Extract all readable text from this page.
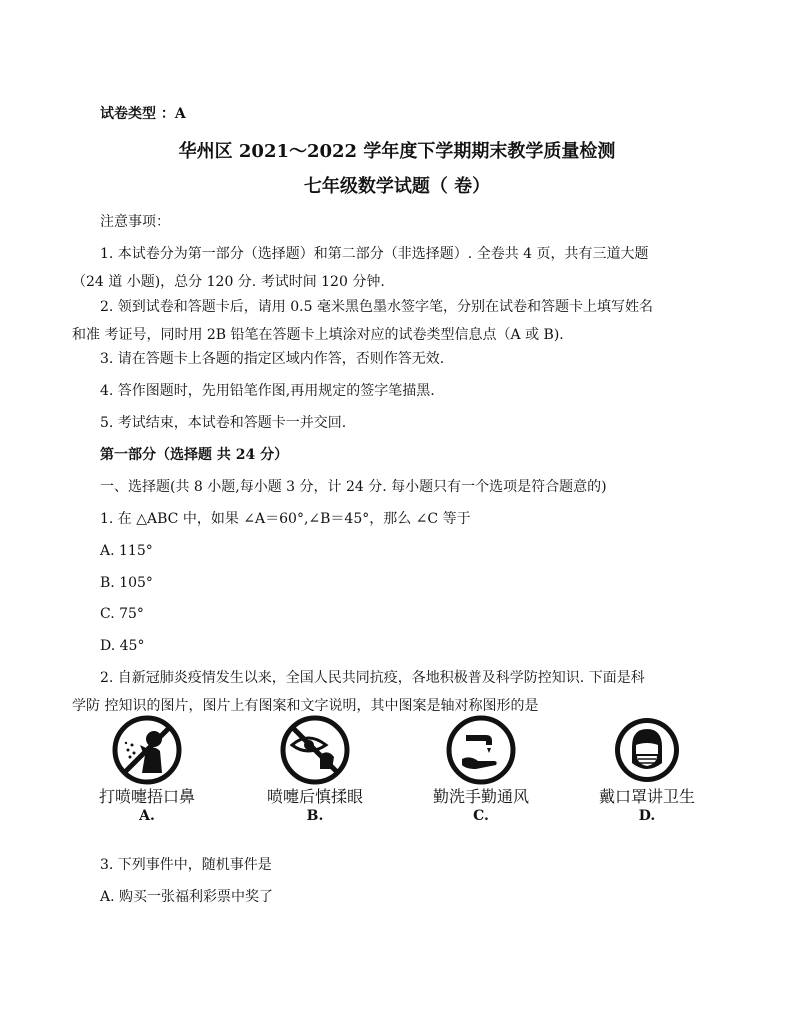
试卷类型 ：A
华州区 2021～2022 学年度下学期期末教学质量检测
七年级数学试题（ 卷）
注意事项：
1. 本试卷分为第一部分（选择题）和第二部分（非选择题）. 全卷共 4 页，共有三道大题
（24 道 小题)，总分 120 分. 考试时间 120 分钟.
2. 领到试卷和答题卡后，请用 0.5 毫米黑色墨水签字笔，分别在试卷和答题卡上填写姓名
和准 考证号，同时用 2B 铅笔在答题卡上填涂对应的试卷类型信息点（A 或 B).
3. 请在答题卡上各题的指定区域内作答，否则作答无效.
4. 答作图题时，先用铅笔作图,再用规定的签字笔描黑.
5. 考试结束，本试卷和答题卡一并交回.
第一部分（选择题 共 24 分）
一、选择题(共 8 小题,每小题 3 分，计 24 分. 每小题只有一个选项是符合题意的)
1. 在 △ABC 中，如果 ∠A＝60°,∠B＝45°，那么 ∠C 等于
A. 115°
B. 105°
C. 75°
D. 45°
2. 自新冠肺炎疫情发生以来，全国人民共同抗疫，各地积极普及科学防控知识. 下面是科
学防 控知识的图片，图片上有图案和文字说明，其中图案是轴对称图形的是
打喷嚏捂口鼻
A.
喷嚏后慎揉眼
B.
勤洗手勤通风
C.
戴口罩讲卫生
D.
3. 下列事件中，随机事件是
A. 购买一张福利彩票中奖了
